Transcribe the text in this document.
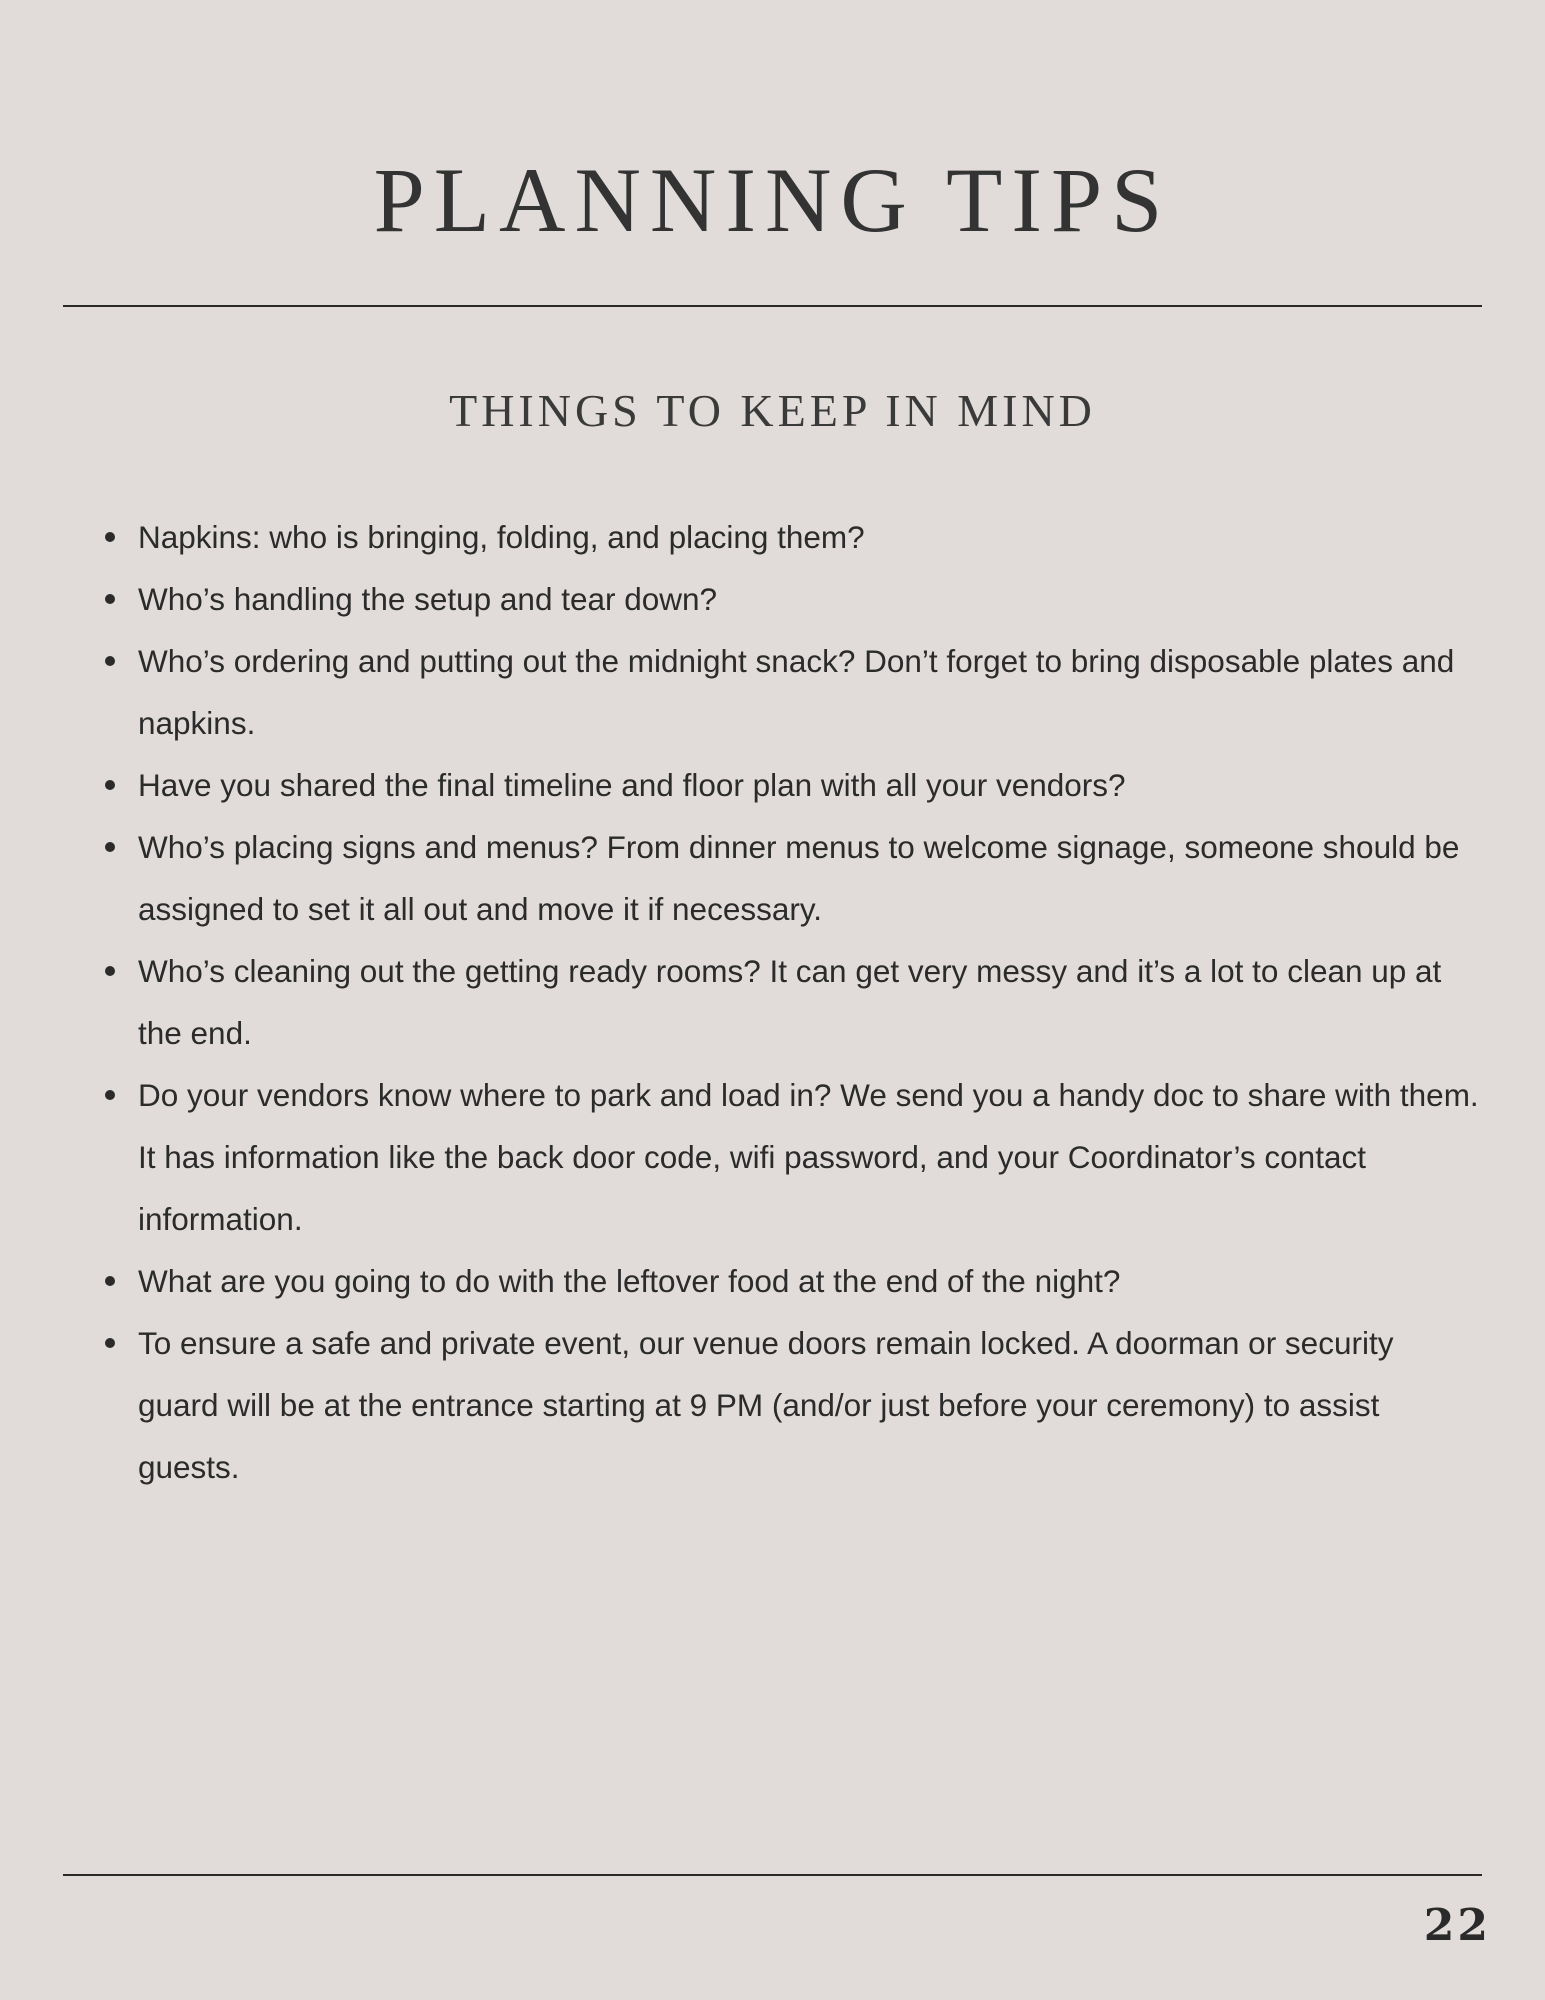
PLANNING TIPS
THINGS TO KEEP IN MIND
Napkins: who is bringing, folding, and placing them?
Who’s handling the setup and tear down?
Who’s ordering and putting out the midnight snack? Don’t forget to bring disposable plates and napkins.
Have you shared the final timeline and floor plan with all your vendors?
Who’s placing signs and menus? From dinner menus to welcome signage, someone should be assigned to set it all out and move it if necessary.
Who’s cleaning out the getting ready rooms? It can get very messy and it’s a lot to clean up at the end.
Do your vendors know where to park and load in? We send you a handy doc to share with them. It has information like the back door code, wifi password, and your Coordinator’s contact information.
What are you going to do with the leftover food at the end of the night?
To ensure a safe and private event, our venue doors remain locked. A doorman or security guard will be at the entrance starting at 9 PM (and/or just before your ceremony) to assist guests.
22
